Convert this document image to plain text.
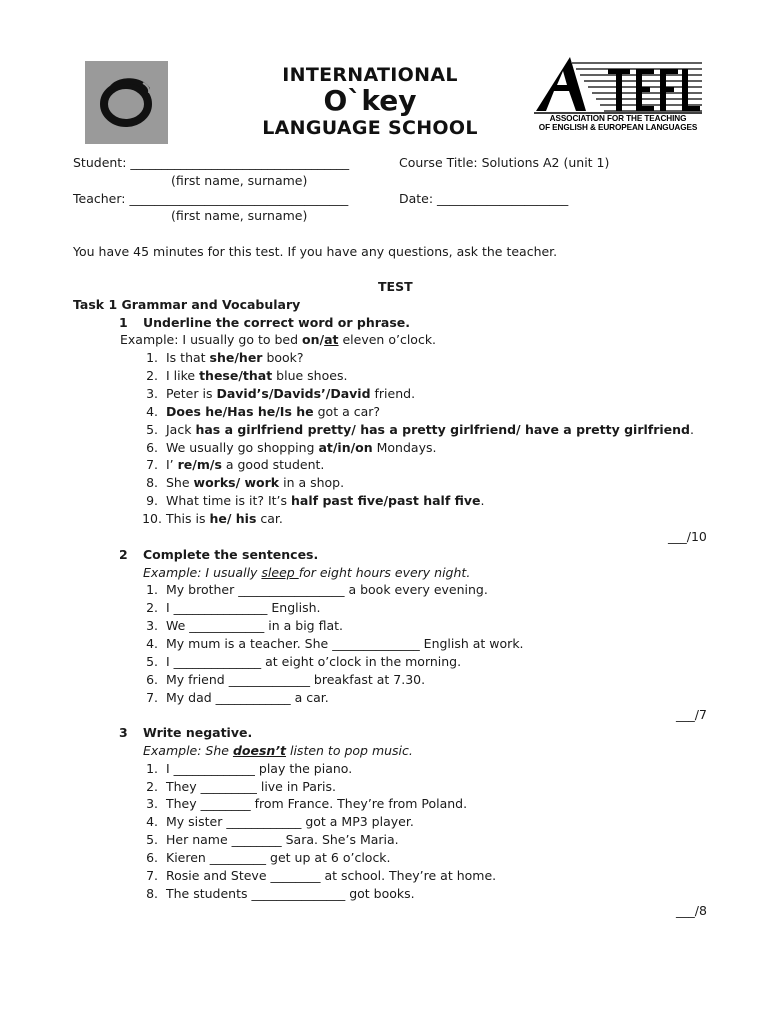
INTERNATIONAL
O`key
LANGUAGE SCHOOL	ASSOCIATION FOR THE TEACHING
OF ENGLISH & EUROPEAN LANGUAGES
Student: ___________________________________	Course Title: Solutions A2 (unit 1)
(first name, surname)
Teacher: ___________________________________	Date: _____________________
(first name, surname)
You have 45 minutes for this test. If you have any questions, ask the teacher.
TEST
Task 1 Grammar and Vocabulary
1 Underline the correct word or phrase.
Example: I usually go to bed on/at eleven o’clock.
1. Is that she/her book?
2. I like these/that blue shoes.
3. Peter is David’s/Davids’/David friend.
4. Does he/Has he/Is he got a car?
5. Jack has a girlfriend pretty/ has a pretty girlfriend/ have a pretty girlfriend.
6. We usually go shopping at/in/on Mondays.
7. I’ re/m/s a good student.
8. She works/ work in a shop.
9. What time is it? It’s half past five/past half five.
10. This is he/ his car.
___/10
2 Complete the sentences.
Example: I usually sleep for eight hours every night.
1. My brother _________________ a book every evening.
2. I _______________ English.
3. We ____________ in a big flat.
4. My mum is a teacher. She ______________ English at work.
5. I ______________ at eight o’clock in the morning.
6. My friend _____________ breakfast at 7.30.
7. My dad ____________ a car.
___/7
3 Write negative.
Example: She doesn’t listen to pop music.
1. I _____________ play the piano.
2. They _________ live in Paris.
3. They ________ from France. They’re from Poland.
4. My sister ____________ got a MP3 player.
5. Her name ________ Sara. She’s Maria.
6. Kieren _________ get up at 6 o’clock.
7. Rosie and Steve ________ at school. They’re at home.
8. The students _______________ got books.
___/8
